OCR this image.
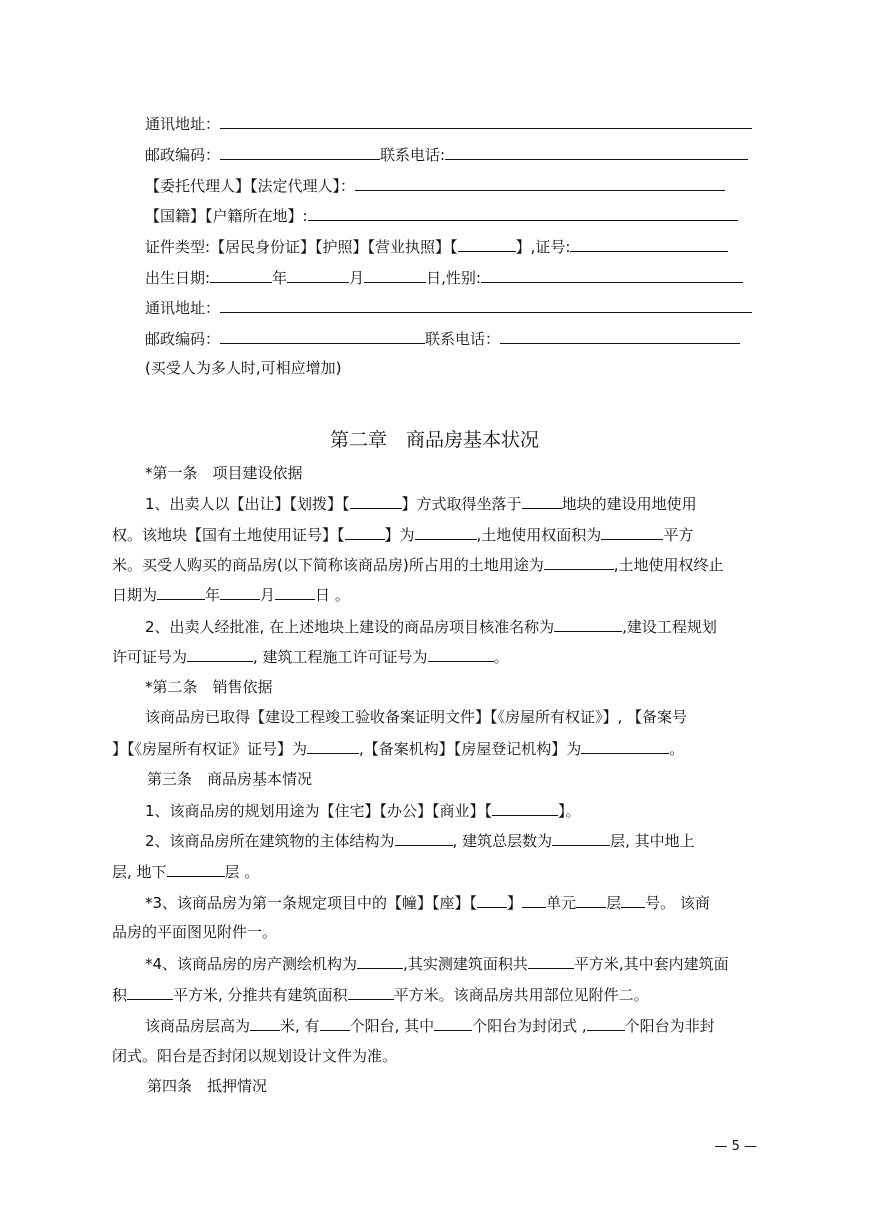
通讯地址：
邮政编码：	联系电话:
【委托代理人】【法定代理人】：
【国籍】【户籍所在地】:
证件类型:【居民身份证】【护照】【营业执照】【	】,证号:
出生日期:	年	月	日,性别:
通讯地址：
邮政编码：	联系电话：
(买受人为多人时,可相应增加)
第二章　商品房基本状况
*第一条　项目建设依据
1、出卖人以【出让】【划拨】【	】方式取得坐落于	地块的建设用地使用
权。该地块【国有土地使用证号】【	】为	,土地使用权面积为	平方
米。买受人购买的商品房(以下简称该商品房)所占用的土地用途为	,土地使用权终止
日期为	年	月	日 。
2、出卖人经批准, 在上述地块上建设的商品房项目核准名称为	,建设工程规划
许可证号为	, 建筑工程施工许可证号为	。
*第二条　销售依据
该商品房已取得【建设工程竣工验收备案证明文件】【《房屋所有权证》】, 【备案号
】【《房屋所有权证》证号】为	,【备案机构】【房屋登记机构】为	。
第三条　商品房基本情况
1、该商品房的规划用途为【住宅】【办公】【商业】【	】。
2、该商品房所在建筑物的主体结构为	, 建筑总层数为	层, 其中地上
层, 地下	层 。
*3、该商品房为第一条规定项目中的【幢】【座】【 】 单元 层 号。 该商
品房的平面图见附件一。
*4、该商品房的房产测绘机构为	,其实测建筑面积共	平方米,其中套内建筑面
积	平方米, 分推共有建筑面积	平方米。该商品房共用部位见附件二。
该商品房层高为 米, 有 个阳台, 其中	个阳台为封闭式 ,	个阳台为非封
闭式。阳台是否封闭以规划设计文件为准。
第四条　抵押情况
— 5 —
